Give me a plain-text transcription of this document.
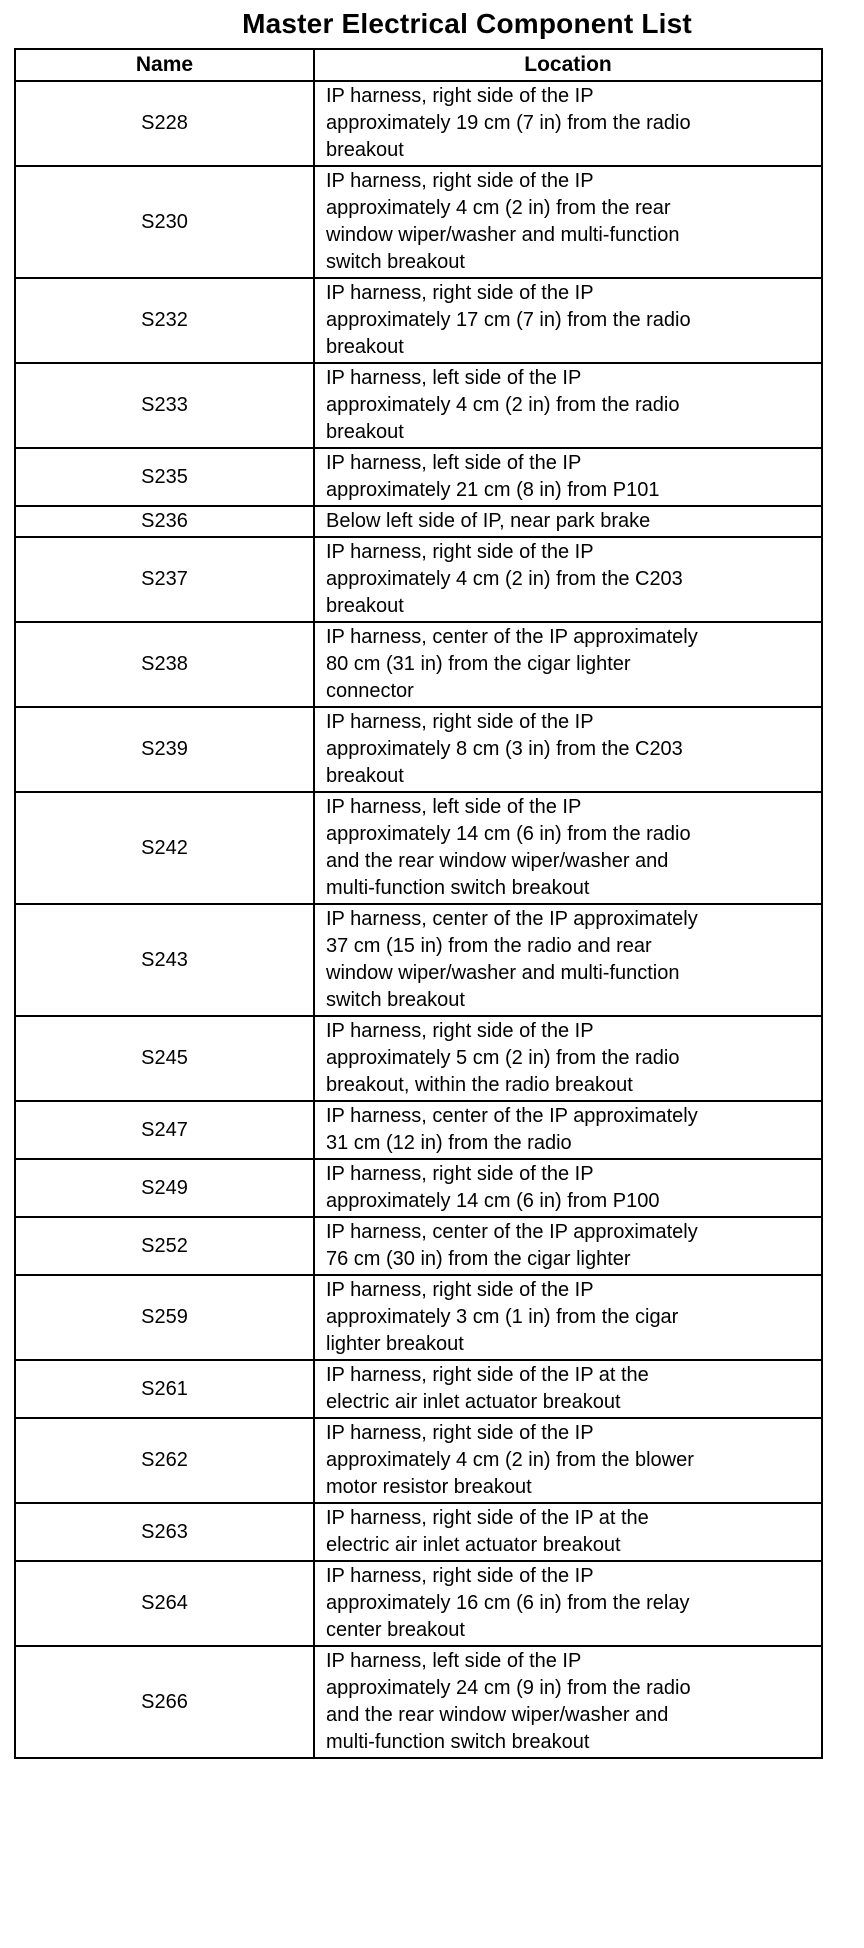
Master Electrical Component List
Name	Location
S228	IP harness, right side of the IP
approximately 19 cm (7 in) from the radio
breakout

S230	IP harness, right side of the IP
approximately 4 cm (2 in) from the rear
window wiper/washer and multi-function
switch breakout

S232	IP harness, right side of the IP
approximately 17 cm (7 in) from the radio
breakout

S233	IP harness, left side of the IP
approximately 4 cm (2 in) from the radio
breakout

S235	IP harness, left side of the IP
approximately 21 cm (8 in) from P101

S236	Below left side of IP, near park brake

S237	IP harness, right side of the IP
approximately 4 cm (2 in) from the C203
breakout

S238	IP harness, center of the IP approximately
80 cm (31 in) from the cigar lighter
connector

S239	IP harness, right side of the IP
approximately 8 cm (3 in) from the C203
breakout

S242	IP harness, left side of the IP
approximately 14 cm (6 in) from the radio
and the rear window wiper/washer and
multi-function switch breakout

S243	IP harness, center of the IP approximately
37 cm (15 in) from the radio and rear
window wiper/washer and multi-function
switch breakout

S245	IP harness, right side of the IP
approximately 5 cm (2 in) from the radio
breakout, within the radio breakout

S247	IP harness, center of the IP approximately
31 cm (12 in) from the radio

S249	IP harness, right side of the IP
approximately 14 cm (6 in) from P100

S252	IP harness, center of the IP approximately
76 cm (30 in) from the cigar lighter

S259	IP harness, right side of the IP
approximately 3 cm (1 in) from the cigar
lighter breakout

S261	IP harness, right side of the IP at the
electric air inlet actuator breakout

S262	IP harness, right side of the IP
approximately 4 cm (2 in) from the blower
motor resistor breakout

S263	IP harness, right side of the IP at the
electric air inlet actuator breakout

S264	IP harness, right side of the IP
approximately 16 cm (6 in) from the relay
center breakout

S266	IP harness, left side of the IP
approximately 24 cm (9 in) from the radio
and the rear window wiper/washer and
multi-function switch breakout
